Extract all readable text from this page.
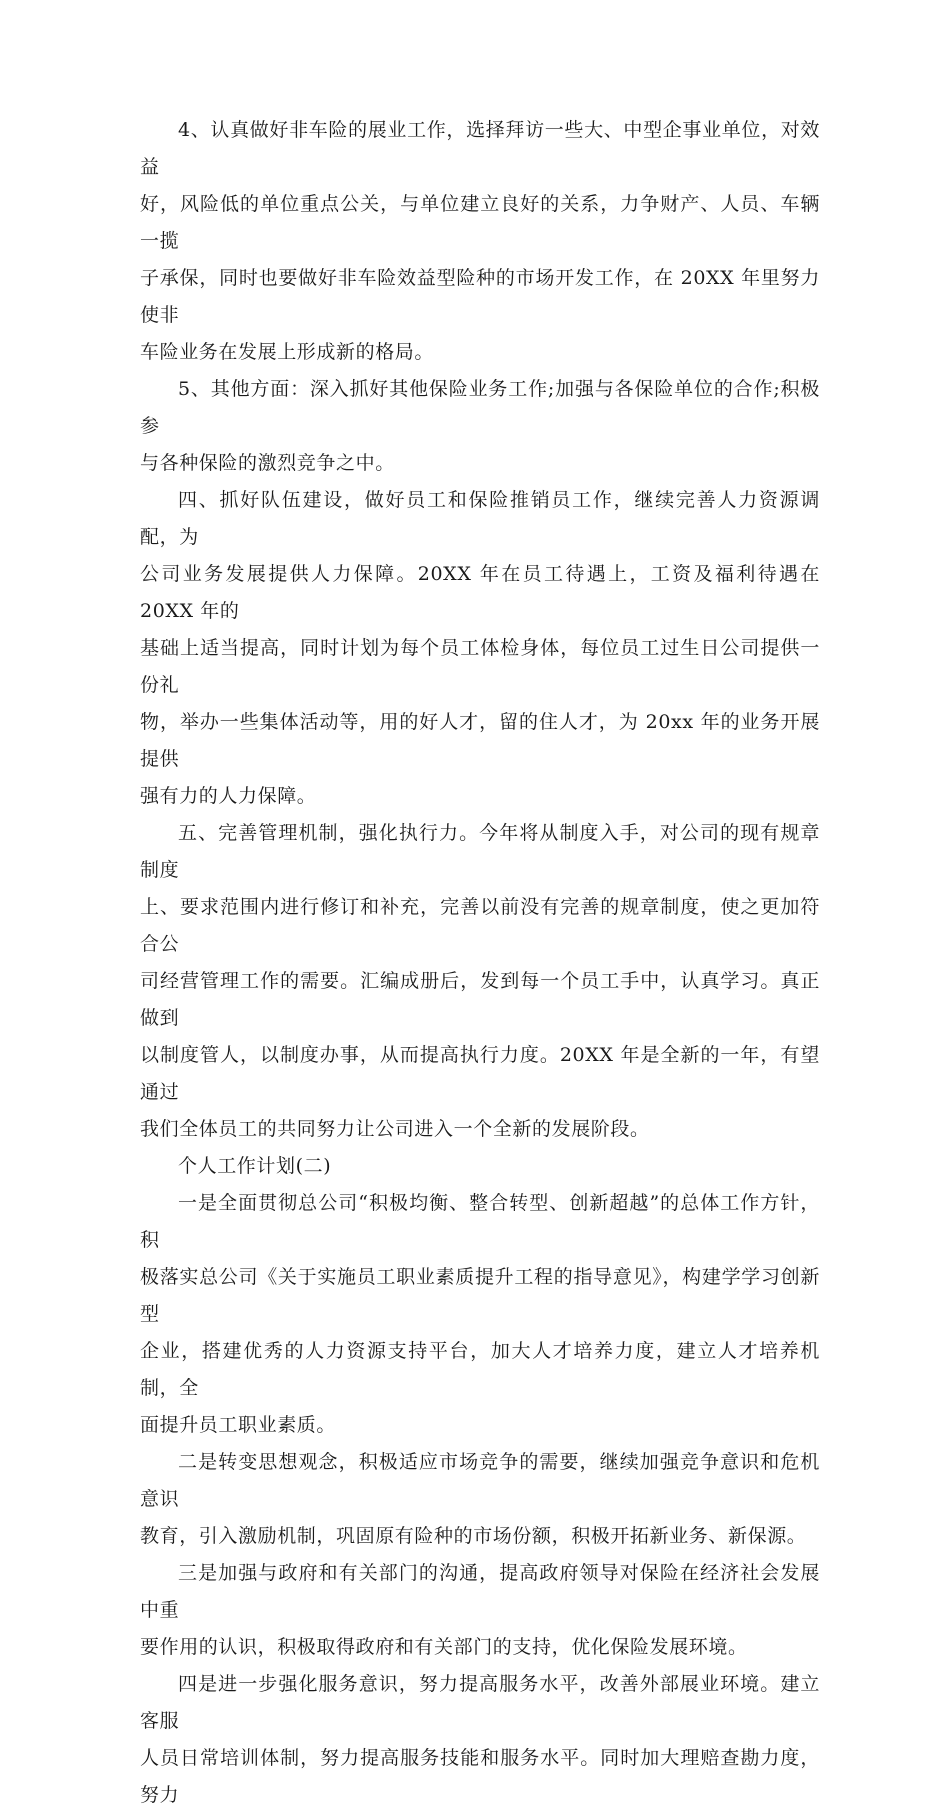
4、认真做好非车险的展业工作，选择拜访一些大、中型企事业单位，对效益
好，风险低的单位重点公关，与单位建立良好的关系，力争财产、人员、车辆一揽
子承保，同时也要做好非车险效益型险种的市场开发工作，在 20XX 年里努力使非
车险业务在发展上形成新的格局。

5、其他方面：深入抓好其他保险业务工作;加强与各保险单位的合作;积极参
与各种保险的激烈竞争之中。

四、抓好队伍建设，做好员工和保险推销员工作，继续完善人力资源调配，为
公司业务发展提供人力保障。20XX 年在员工待遇上，工资及福利待遇在 20XX 年的
基础上适当提高，同时计划为每个员工体检身体，每位员工过生日公司提供一份礼
物，举办一些集体活动等，用的好人才，留的住人才，为 20xx 年的业务开展提供
强有力的人力保障。

五、完善管理机制，强化执行力。今年将从制度入手，对公司的现有规章制度
上、要求范围内进行修订和补充，完善以前没有完善的规章制度，使之更加符合公
司经营管理工作的需要。汇编成册后，发到每一个员工手中，认真学习。真正做到
以制度管人，以制度办事，从而提高执行力度。20XX 年是全新的一年，有望通过
我们全体员工的共同努力让公司进入一个全新的发展阶段。

个人工作计划(二)

一是全面贯彻总公司“积极均衡、整合转型、创新超越”的总体工作方针，积
极落实总公司《关于实施员工职业素质提升工程的指导意见》，构建学学习创新型
企业，搭建优秀的人力资源支持平台，加大人才培养力度，建立人才培养机制，全
面提升员工职业素质。

二是转变思想观念，积极适应市场竞争的需要，继续加强竞争意识和危机意识
教育，引入激励机制，巩固原有险种的市场份额，积极开拓新业务、新保源。

三是加强与政府和有关部门的沟通，提高政府领导对保险在经济社会发展中重
要作用的认识，积极取得政府和有关部门的支持，优化保险发展环境。

四是进一步强化服务意识，努力提高服务水平，改善外部展业环境。建立客服
人员日常培训体制，努力提高服务技能和服务水平。同时加大理赔查勘力度，努力
